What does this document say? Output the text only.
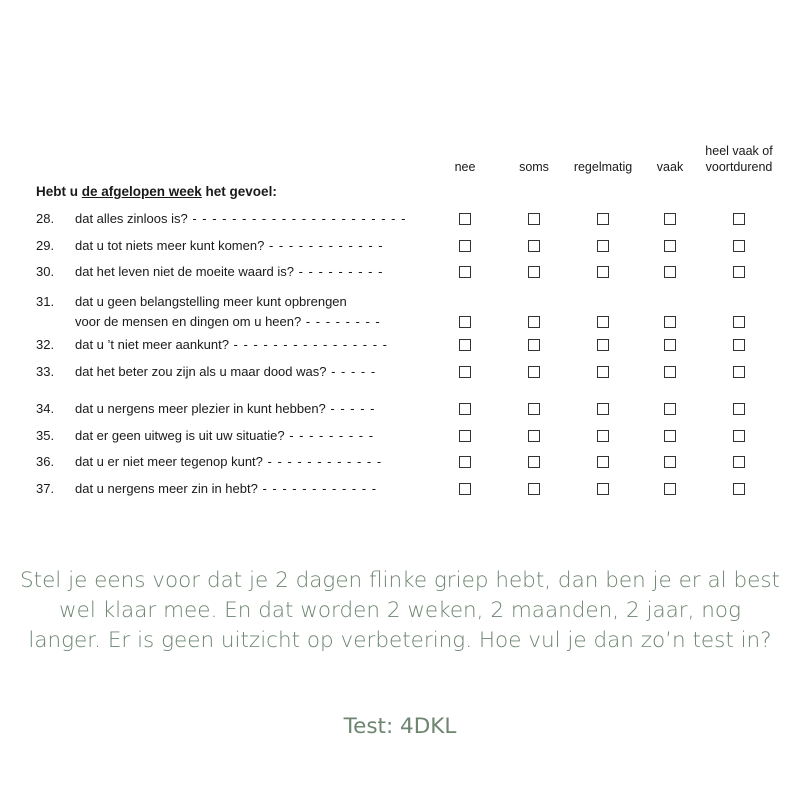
nee	soms regelmatig vaak
heel vaak of
voortdurend
Hebt u de afgelopen week het gevoel:
28. dat alles zinloos is? - - - - - - - - - - - - - - - - - - - - - -
29. dat u tot niets meer kunt komen? - - - - - - - - - - - -
30. dat het leven niet de moeite waard is? - - - - - - - - -
31. dat u geen belangstelling meer kunt opbrengen
voor de mensen en dingen om u heen? - - - - - - - -
32. dat u ’t niet meer aankunt? - - - - - - - - - - - - - - - -
33. dat het beter zou zijn als u maar dood was? - - - - -
34. dat u nergens meer plezier in kunt hebben? - - - - -
35. dat er geen uitweg is uit uw situatie? - - - - - - - - -
36. dat u er niet meer tegenop kunt? - - - - - - - - - - - -
37. dat u nergens meer zin in hebt? - - - - - - - - - - - -
Stel je eens voor dat je 2 dagen flinke griep hebt, dan ben je er al best wel klaar mee. En dat worden 2 weken, 2 maanden, 2 jaar, nog langer. Er is geen uitzicht op verbetering. Hoe vul je dan zo’n test in?
Test: 4DKL
